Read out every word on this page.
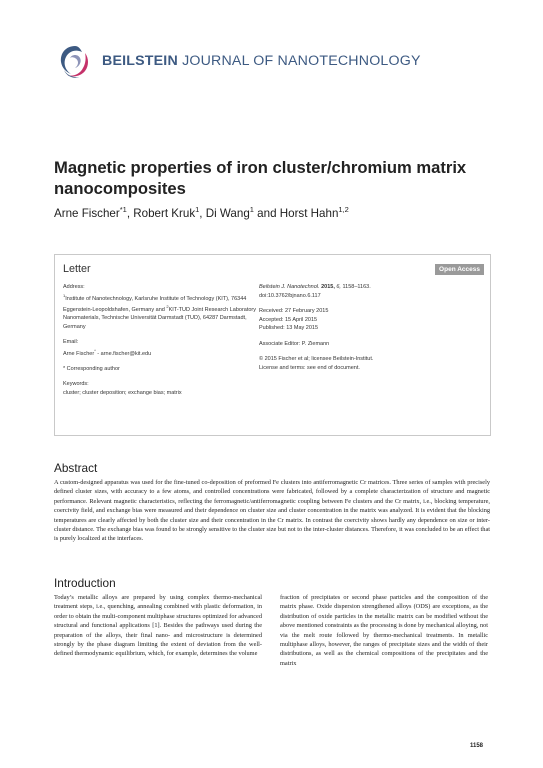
BEILSTEIN JOURNAL OF NANOTECHNOLOGY
Magnetic properties of iron cluster/chromium matrix nanocomposites
Arne Fischer$^{*1}$, Robert Kruk$^1$, Di Wang$^1$ and Horst Hahn$^{1,2}$
Letter	Open Access
Address:
$^1$Institute of Nanotechnology, Karlsruhe Institute of Technology (KIT), 76344 Eggenstein-Leopoldshafen, Germany and $^2$KIT-TUD Joint Research Laboratory Nanomaterials, Technische Universität Darmstadt (TUD), 64287 Darmstadt, Germany
Email:
Arne Fischer* - arne.fischer@kit.edu
* Corresponding author
Keywords:
cluster; cluster deposition; exchange bias; matrix
Beilstein J. Nanotechnol. 2015, 6, 1158–1163.
doi:10.3762/bjnano.6.117
Received: 27 February 2015
Accepted: 15 April 2015
Published: 13 May 2015
Associate Editor: P. Ziemann
© 2015 Fischer et al; licensee Beilstein-Institut.
License and terms: see end of document.
Abstract
A custom-designed apparatus was used for the fine-tuned co-deposition of preformed Fe clusters into antiferromagnetic Cr matrices. Three series of samples with precisely defined cluster sizes, with accuracy to a few atoms, and controlled concentrations were fabricated, followed by a complete characterization of structure and magnetic performance. Relevant magnetic characteristics, reflecting the ferromagnetic/antiferromagnetic coupling between Fe clusters and the Cr matrix, i.e., blocking temperature, coercivity field, and exchange bias were measured and their dependence on cluster size and cluster concentration in the matrix was analyzed. It is evident that the blocking temperatures are clearly affected by both the cluster size and their concentration in the Cr matrix. In contrast the coercivity shows hardly any dependence on size or inter-cluster distance. The exchange bias was found to be strongly sensitive to the cluster size but not to the inter-cluster distances. Therefore, it was concluded to be an effect that is purely localized at the interfaces.
Introduction
Today’s metallic alloys are prepared by using complex thermo-mechanical treatment steps, i.e., quenching, annealing combined with plastic deformation, in order to obtain the multi-component multiphase structures optimized for advanced structural and functional applications [1]. Besides the pathways used during the preparation of the alloys, their final nano- and microstructure is determined strongly by the phase diagram limiting the extent of deviation from the well-defined thermodynamic equilibrium, which, for example, determines the volume
fraction of precipitates or second phase particles and the composition of the matrix phase. Oxide dispersion strengthened alloys (ODS) are exceptions, as the distribution of oxide particles in the metallic matrix can be modified without the above mentioned constraints as the processing is done by mechanical alloying, not via the melt route followed by thermo-mechanical treatments. In metallic multiphase alloys, however, the ranges of precipitate sizes and the width of their distributions, as well as the chemical compositions of the precipitates and the matrix
1158
